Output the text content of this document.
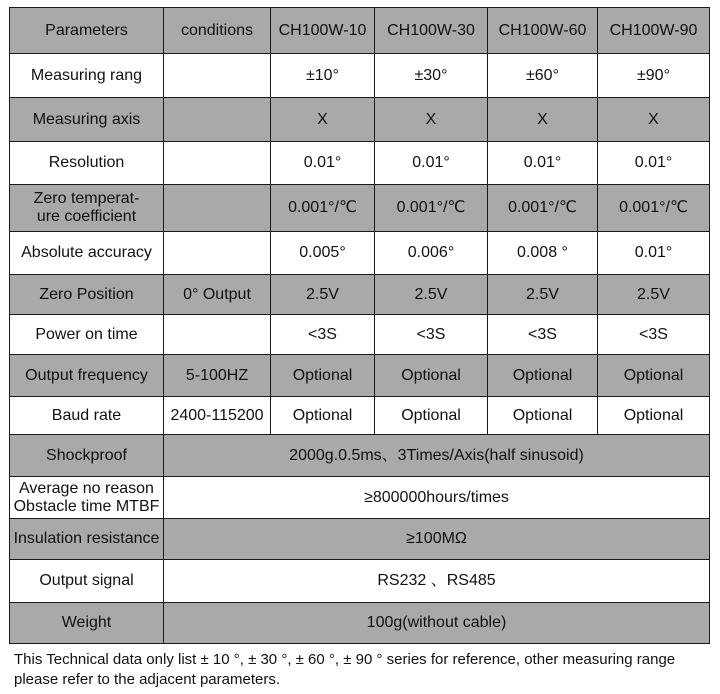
Parameters	conditions	CH100W-10	CH100W-30	CH100W-60	CH100W-90
Measuring rang		±10°	±30°	±60°	±90°
Measuring axis		X	X	X	X
Resolution		0.01°	0.01°	0.01°	0.01°

Zero temperat-
ure coefficient		0.001°/℃	0.001°/℃	0.001°/℃	0.001°/℃
Absolute accuracy		0.005°	0.006°	0.008 °	0.01°
Zero Position	0° Output	2.5V	2.5V	2.5V	2.5V
Power on time		<3S	<3S	<3S	<3S
Output frequency	5-100HZ	Optional	Optional	Optional	Optional
Baud rate	2400-115200	Optional	Optional	Optional	Optional
Shockproof	2000g.0.5ms、3Times/Axis(half sinusoid)				

Average no reason
Obstacle time MTBF	≥800000hours/times				
Insulation resistance	≥100MΩ				
Output signal	RS232 、RS485				
Weight	100g(without cable)				
This Technical data only list ± 10 °, ± 30 °, ± 60 °, ± 90 ° series for reference, other measuring range please refer to the adjacent parameters.
